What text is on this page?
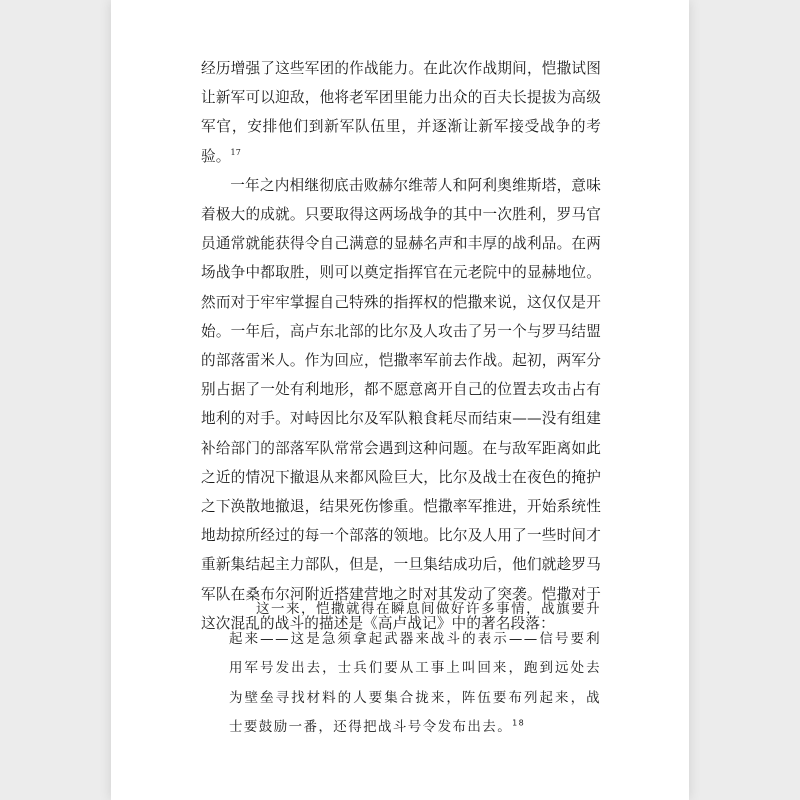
经历增强了这些军团的作战能力。在此次作战期间，恺撒试图让新军可以迎敌，他将老军团里能力出众的百夫长提拔为高级军官，安排他们到新军队伍里，并逐渐让新军接受战争的考验。$^{17}$

一年之内相继彻底击败赫尔维蒂人和阿利奥维斯塔，意味着极大的成就。只要取得这两场战争的其中一次胜利，罗马官员通常就能获得令自己满意的显赫名声和丰厚的战利品。在两场战争中都取胜，则可以奠定指挥官在元老院中的显赫地位。然而对于牢牢掌握自己特殊的指挥权的恺撒来说，这仅仅是开始。一年后，高卢东北部的比尔及人攻击了另一个与罗马结盟的部落雷米人。作为回应，恺撒率军前去作战。起初，两军分别占据了一处有利地形，都不愿意离开自己的位置去攻击占有地利的对手。对峙因比尔及军队粮食耗尽而结束——没有组建补给部门的部落军队常常会遇到这种问题。在与敌军距离如此之近的情况下撤退从来都风险巨大，比尔及战士在夜色的掩护之下涣散地撤退，结果死伤惨重。恺撒率军推进，开始系统性地劫掠所经过的每一个部落的领地。比尔及人用了一些时间才重新集结起主力部队，但是，一旦集结成功后，他们就趁罗马军队在桑布尔河附近搭建营地之时对其发动了突袭。恺撒对于这次混乱的战斗的描述是《高卢战记》中的著名段落：

这一来，恺撒就得在瞬息间做好许多事情，战旗要升起来——这是急须拿起武器来战斗的表示——信号要利用军号发出去，士兵们要从工事上叫回来，跑到远处去为壁垒寻找材料的人要集合拢来，阵伍要布列起来，战士要鼓励一番，还得把战斗号令发布出去。$^{18}$
